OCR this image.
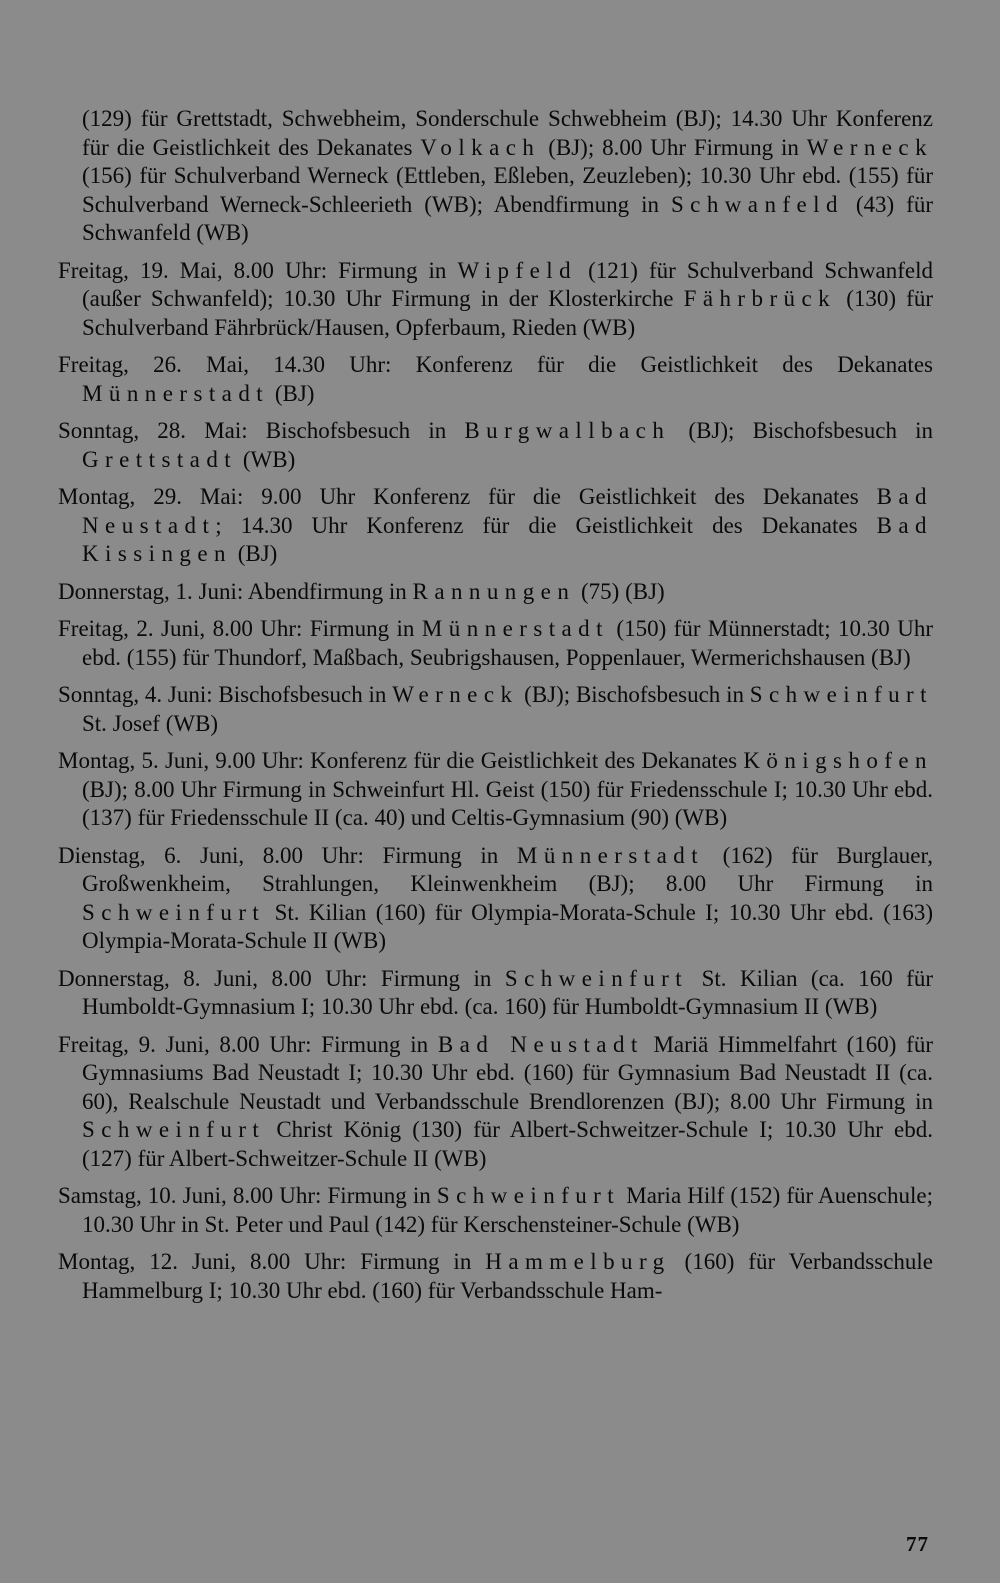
(129) für Grettstadt, Schwebheim, Sonderschule Schwebheim (BJ); 14.30 Uhr Konferenz für die Geistlichkeit des Dekanates Volkach (BJ); 8.00 Uhr Firmung in Werneck (156) für Schulverband Werneck (Ettleben, Eßleben, Zeuzleben); 10.30 Uhr ebd. (155) für Schulverband Werneck-Schleerieth (WB); Abendfirmung in Schwanfeld (43) für Schwanfeld (WB)

Freitag, 19. Mai, 8.00 Uhr: Firmung in Wipfeld (121) für Schulverband Schwanfeld (außer Schwanfeld); 10.30 Uhr Firmung in der Klosterkirche Fährbrück (130) für Schulverband Fährbrück/Hausen, Opferbaum, Rieden (WB)

Freitag, 26. Mai, 14.30 Uhr: Konferenz für die Geistlichkeit des Dekanates Münnerstadt (BJ)

Sonntag, 28. Mai: Bischofsbesuch in Burgwallbach (BJ); Bischofsbesuch in Grettstadt (WB)

Montag, 29. Mai: 9.00 Uhr Konferenz für die Geistlichkeit des Dekanates Bad Neustadt; 14.30 Uhr Konferenz für die Geistlichkeit des Dekanates Bad Kissingen (BJ)

Donnerstag, 1. Juni: Abendfirmung in Rannungen (75) (BJ)

Freitag, 2. Juni, 8.00 Uhr: Firmung in Münnerstadt (150) für Münnerstadt; 10.30 Uhr ebd. (155) für Thundorf, Maßbach, Seubrigshausen, Poppenlauer, Wermerichshausen (BJ)

Sonntag, 4. Juni: Bischofsbesuch in Werneck (BJ); Bischofsbesuch in Schweinfurt St. Josef (WB)

Montag, 5. Juni, 9.00 Uhr: Konferenz für die Geistlichkeit des Dekanates Königshofen (BJ); 8.00 Uhr Firmung in Schweinfurt Hl. Geist (150) für Friedensschule I; 10.30 Uhr ebd. (137) für Friedensschule II (ca. 40) und Celtis-Gymnasium (90) (WB)

Dienstag, 6. Juni, 8.00 Uhr: Firmung in Münnerstadt (162) für Burglauer, Großwenkheim, Strahlungen, Kleinwenkheim (BJ); 8.00 Uhr Firmung in Schweinfurt St. Kilian (160) für Olympia-Morata-Schule I; 10.30 Uhr ebd. (163) Olympia-Morata-Schule II (WB)

Donnerstag, 8. Juni, 8.00 Uhr: Firmung in Schweinfurt St. Kilian (ca. 160 für Humboldt-Gymnasium I; 10.30 Uhr ebd. (ca. 160) für Humboldt-Gymnasium II (WB)

Freitag, 9. Juni, 8.00 Uhr: Firmung in Bad Neustadt Mariä Himmelfahrt (160) für Gymnasiums Bad Neustadt I; 10.30 Uhr ebd. (160) für Gymnasium Bad Neustadt II (ca. 60), Realschule Neustadt und Verbandsschule Brendlorenzen (BJ); 8.00 Uhr Firmung in Schweinfurt Christ König (130) für Albert-Schweitzer-Schule I; 10.30 Uhr ebd. (127) für Albert-Schweitzer-Schule II (WB)

Samstag, 10. Juni, 8.00 Uhr: Firmung in Schweinfurt Maria Hilf (152) für Auenschule; 10.30 Uhr in St. Peter und Paul (142) für Kerschensteiner-Schule (WB)

Montag, 12. Juni, 8.00 Uhr: Firmung in Hammelburg (160) für Verbandsschule Hammelburg I; 10.30 Uhr ebd. (160) für Verbandsschule Ham-

77
